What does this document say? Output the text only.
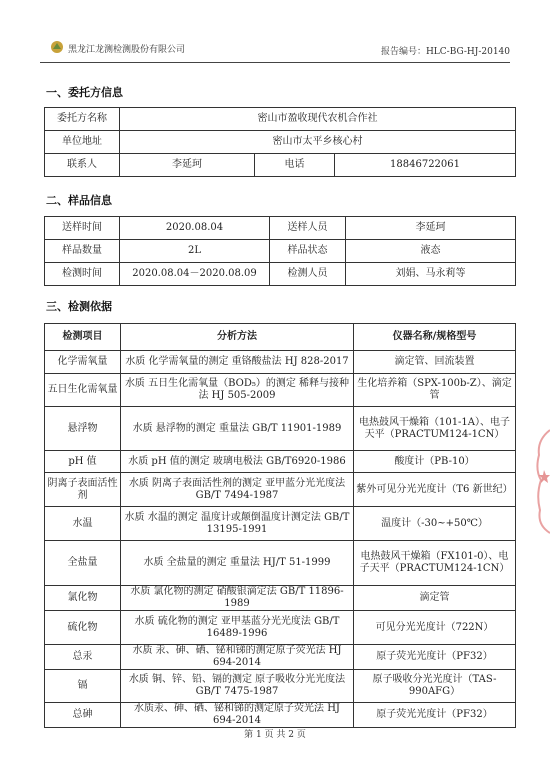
黑龙江龙测检测股份有限公司	报告编号：HLC-BG-HJ-20140
一、委托方信息
委托方名称	密山市盈收现代农机合作社		
单位地址	密山市太平乡核心村		
联系人	李延珂	电话	18846722061
二、样品信息
送样时间	2020.08.04	送样人员	李延珂
样品数量	2L	样品状态	液态
检测时间	2020.08.04－2020.08.09	检测人员	刘娟、马永莉等
三、检测依据
检测项目	分析方法	仪器名称/规格型号
化学需氧量	水质 化学需氧量的测定 重铬酸盐法 HJ 828-2017	滴定管、回流装置
五日生化需氧量	水质 五日生化需氧量（BOD₅）的测定 稀释与接种法 HJ 505-2009	生化培养箱（SPX-100b-Z）、滴定管
悬浮物	水质 悬浮物的测定 重量法 GB/T 11901-1989	电热鼓风干燥箱（101-1A）、电子天平（PRACTUM124-1CN）
pH 值	水质 pH 值的测定 玻璃电极法 GB/T6920-1986	酸度计（PB-10）
阴离子表面活性剂	水质 阴离子表面活性剂的测定 亚甲蓝分光光度法 GB/T 7494-1987	紫外可见分光光度计（T6 新世纪）
水温	水质 水温的测定 温度计或颠倒温度计测定法 GB/T 13195-1991	温度计（-30~+50℃）
全盐量	水质 全盐量的测定 重量法 HJ/T 51-1999	电热鼓风干燥箱（FX101-0）、电子天平（PRACTUM124-1CN）
氯化物	水质 氯化物的测定 硝酸银滴定法 GB/T 11896-1989	滴定管
硫化物	水质 硫化物的测定 亚甲基蓝分光光度法 GB/T 16489-1996	可见分光光度计（722N）
总汞	水质 汞、砷、硒、铋和锑的测定原子荧光法 HJ 694-2014	原子荧光光度计（PF32）
镉	水质 铜、锌、铅、镉的测定 原子吸收分光光度法 GB/T 7475-1987	原子吸收分光光度计（TAS-990AFG）
总砷	水质汞、砷、硒、铋和锑的测定原子荧光法 HJ 694-2014	原子荧光光度计（PF32）
第 1 页 共 2 页
